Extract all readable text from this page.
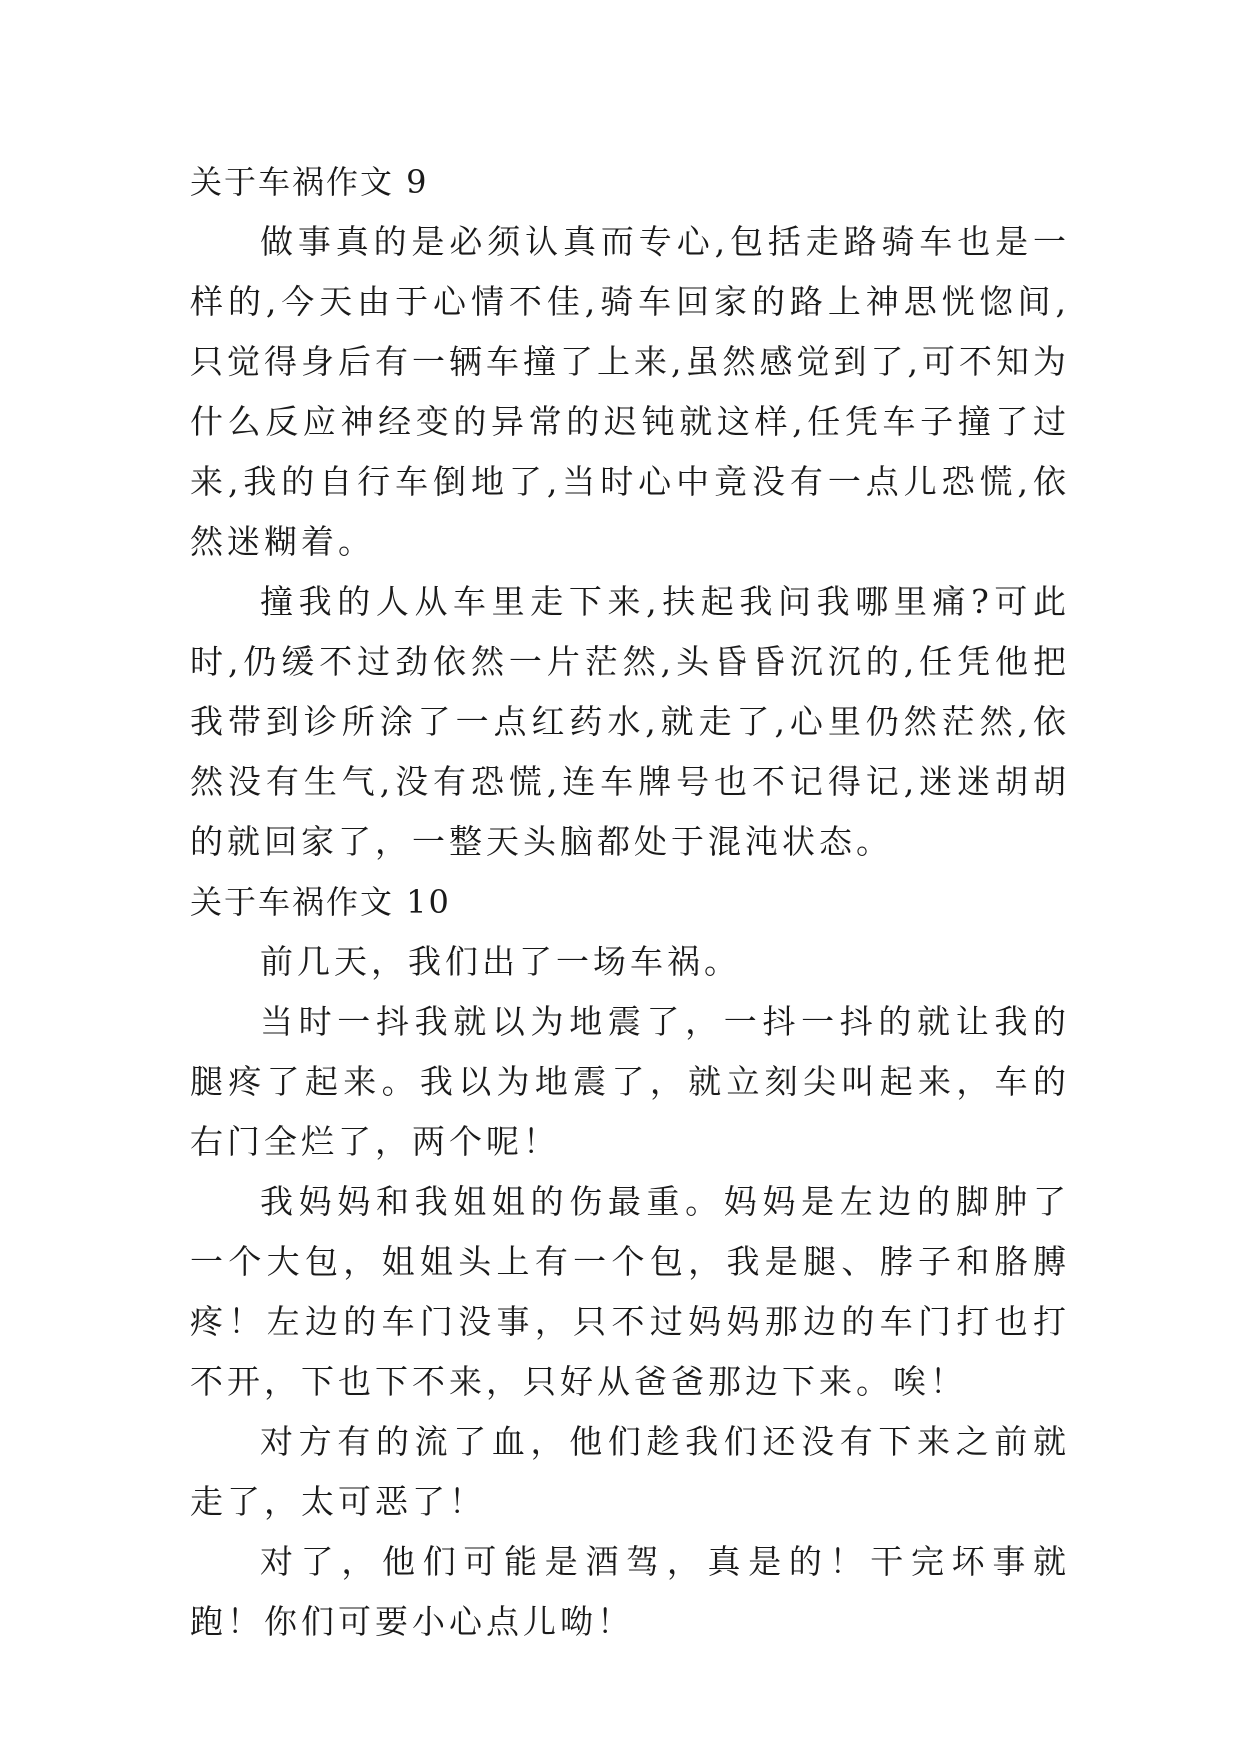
关于车祸作文 9

做事真的是必须认真而专心,包括走路骑车也是一样的,今天由于心情不佳,骑车回家的路上神思恍惚间,只觉得身后有一辆车撞了上来,虽然感觉到了,可不知为什么反应神经变的异常的迟钝就这样,任凭车子撞了过来,我的自行车倒地了,当时心中竟没有一点儿恐慌,依然迷糊着。

撞我的人从车里走下来,扶起我问我哪里痛?可此时,仍缓不过劲依然一片茫然,头昏昏沉沉的,任凭他把我带到诊所涂了一点红药水,就走了,心里仍然茫然,依然没有生气,没有恐慌,连车牌号也不记得记,迷迷胡胡的就回家了，一整天头脑都处于混沌状态。

关于车祸作文 10

前几天，我们出了一场车祸。

当时一抖我就以为地震了，一抖一抖的就让我的腿疼了起来。我以为地震了，就立刻尖叫起来，车的右门全烂了，两个呢！

我妈妈和我姐姐的伤最重。妈妈是左边的脚肿了一个大包，姐姐头上有一个包，我是腿、脖子和胳膊疼！左边的车门没事，只不过妈妈那边的车门打也打不开，下也下不来，只好从爸爸那边下来。唉！

对方有的流了血，他们趁我们还没有下来之前就走了，太可恶了！

对了，他们可能是酒驾，真是的！干完坏事就跑！你们可要小心点儿呦！
